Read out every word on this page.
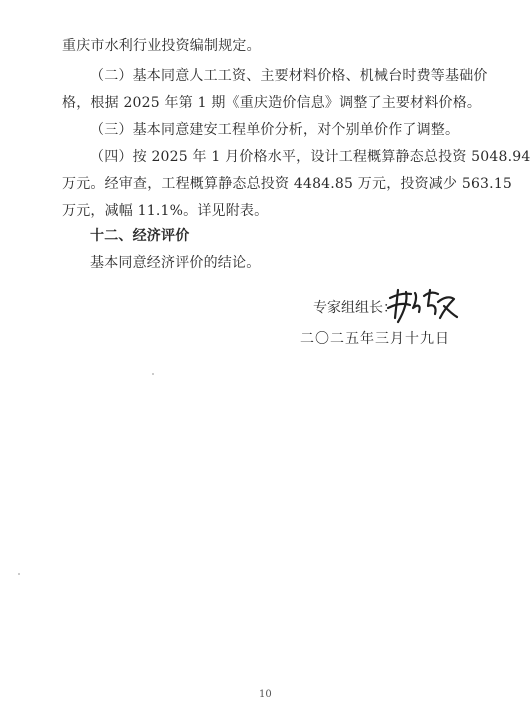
重庆市水利行业投资编制规定。
（二）基本同意人工工资、主要材料价格、机械台时费等基础价
格，根据 2025 年第 1 期《重庆造价信息》调整了主要材料价格。
（三）基本同意建安工程单价分析，对个别单价作了调整。
（四）按 2025 年 1 月价格水平，设计工程概算静态总投资 5048.94
万元。经审查，工程概算静态总投资 4484.85 万元，投资减少 563.15
万元，减幅 11.1%。详见附表。
十二、经济评价
基本同意经济评价的结论。
专家组组长：
二〇二五年三月十九日
10
